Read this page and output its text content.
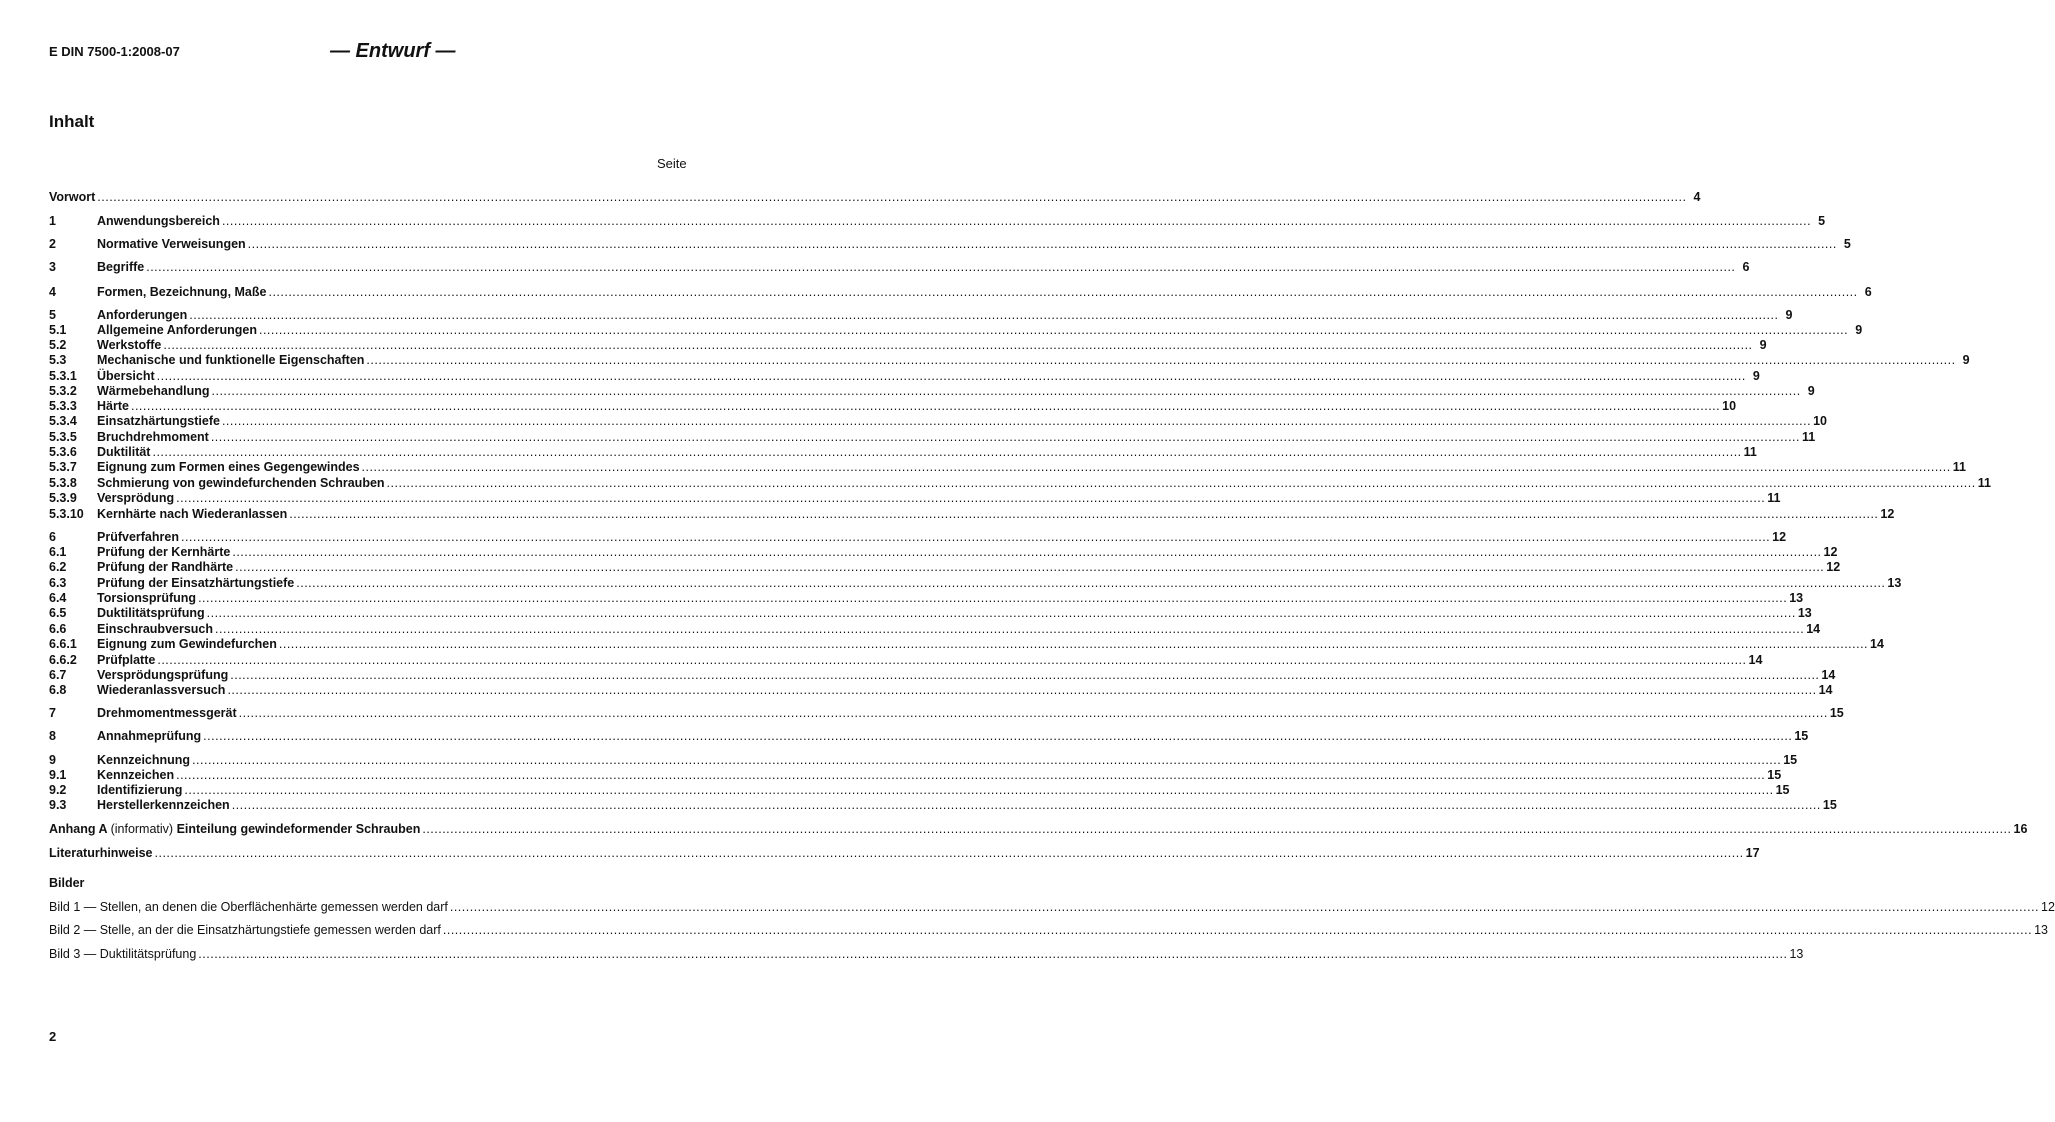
E DIN 7500-1:2008-07	— Entwurf —
Inhalt
Seite
Vorwort ................................................................................................................................................................................................................................................................................................................................................................................................................ 4
1	Anwendungsbereich ................................................................................................................................................................................................................................................................................................................................................................................................................ 5
2	Normative Verweisungen ................................................................................................................................................................................................................................................................................................................................................................................................................ 5
3	Begriffe ................................................................................................................................................................................................................................................................................................................................................................................................................ 6
4	Formen, Bezeichnung, Maße ................................................................................................................................................................................................................................................................................................................................................................................................................ 6
5	Anforderungen ................................................................................................................................................................................................................................................................................................................................................................................................................ 9
5.1	Allgemeine Anforderungen ................................................................................................................................................................................................................................................................................................................................................................................................................ 9
5.2	Werkstoffe ................................................................................................................................................................................................................................................................................................................................................................................................................ 9
5.3	Mechanische und funktionelle Eigenschaften ................................................................................................................................................................................................................................................................................................................................................................................................................ 9
5.3.1	Übersicht ................................................................................................................................................................................................................................................................................................................................................................................................................ 9
5.3.2	Wärmebehandlung ................................................................................................................................................................................................................................................................................................................................................................................................................ 9
5.3.3	Härte ................................................................................................................................................................................................................................................................................................................................................................................................................ 10
5.3.4	Einsatzhärtungstiefe ................................................................................................................................................................................................................................................................................................................................................................................................................ 10
5.3.5	Bruchdrehmoment ................................................................................................................................................................................................................................................................................................................................................................................................................ 11
5.3.6	Duktilität ................................................................................................................................................................................................................................................................................................................................................................................................................ 11
5.3.7	Eignung zum Formen eines Gegengewindes ................................................................................................................................................................................................................................................................................................................................................................................................................ 11
5.3.8	Schmierung von gewindefurchenden Schrauben ................................................................................................................................................................................................................................................................................................................................................................................................................ 11
5.3.9	Versprödung ................................................................................................................................................................................................................................................................................................................................................................................................................ 11
5.3.10	Kernhärte nach Wiederanlassen ................................................................................................................................................................................................................................................................................................................................................................................................................ 12
6	Prüfverfahren ................................................................................................................................................................................................................................................................................................................................................................................................................ 12
6.1	Prüfung der Kernhärte ................................................................................................................................................................................................................................................................................................................................................................................................................ 12
6.2	Prüfung der Randhärte ................................................................................................................................................................................................................................................................................................................................................................................................................ 12
6.3	Prüfung der Einsatzhärtungstiefe ................................................................................................................................................................................................................................................................................................................................................................................................................ 13
6.4	Torsionsprüfung ................................................................................................................................................................................................................................................................................................................................................................................................................ 13
6.5	Duktilitätsprüfung ................................................................................................................................................................................................................................................................................................................................................................................................................ 13
6.6	Einschraubversuch ................................................................................................................................................................................................................................................................................................................................................................................................................ 14
6.6.1	Eignung zum Gewindefurchen ................................................................................................................................................................................................................................................................................................................................................................................................................ 14
6.6.2	Prüfplatte ................................................................................................................................................................................................................................................................................................................................................................................................................ 14
6.7	Versprödungsprüfung ................................................................................................................................................................................................................................................................................................................................................................................................................ 14
6.8	Wiederanlassversuch ................................................................................................................................................................................................................................................................................................................................................................................................................ 14
7	Drehmomentmessgerät ................................................................................................................................................................................................................................................................................................................................................................................................................ 15
8	Annahmeprüfung ................................................................................................................................................................................................................................................................................................................................................................................................................ 15
9	Kennzeichnung ................................................................................................................................................................................................................................................................................................................................................................................................................ 15
9.1	Kennzeichen ................................................................................................................................................................................................................................................................................................................................................................................................................ 15
9.2	Identifizierung ................................................................................................................................................................................................................................................................................................................................................................................................................ 15
9.3	Herstellerkennzeichen ................................................................................................................................................................................................................................................................................................................................................................................................................ 15
Anhang A (informativ) Einteilung gewindeformender Schrauben ................................................................................................................................................................................................................................................................................................................................................................................................................ 16
Literaturhinweise ................................................................................................................................................................................................................................................................................................................................................................................................................ 17
Bilder
Bild 1 — Stellen, an denen die Oberflächenhärte gemessen werden darf ................................................................................................................................................................................................................................................................................................................................................................................................................ 12
Bild 2 — Stelle, an der die Einsatzhärtungstiefe gemessen werden darf ................................................................................................................................................................................................................................................................................................................................................................................................................ 13
Bild 3 — Duktilitätsprüfung ................................................................................................................................................................................................................................................................................................................................................................................................................ 13
2
